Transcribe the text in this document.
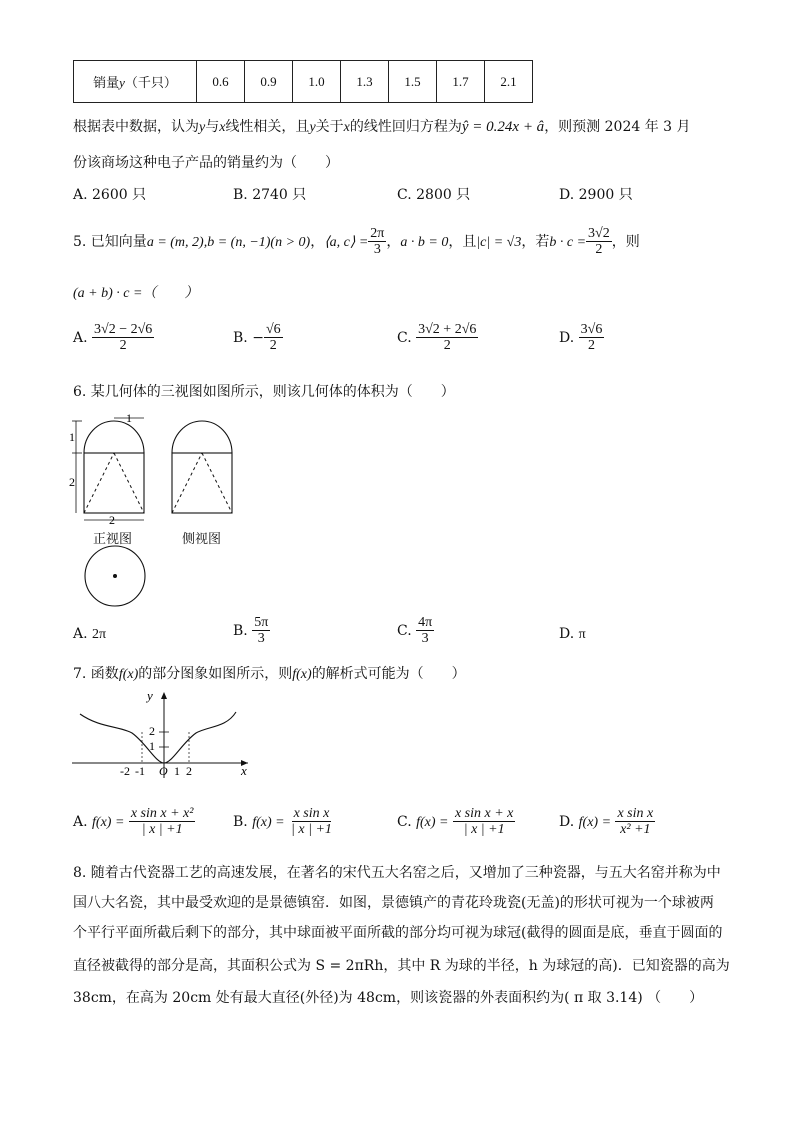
销量y（千只）	0.6	0.9	1.0	1.3	1.5	1.7	2.1
根据表中数据，认为y与x线性相关，且y关于x的线性回归方程为ŷ = 0.24x + â，则预测 2024 年 3 月
份该商场这种电子产品的销量约为（　　）
A. 2600 只	B. 2740 只	C. 2800 只	D. 2900 只
5. 已知向量a = (m, 2),b = (n, −1)(n > 0)，⟨a, c⟩ = $\frac{2\pi}{3}$ ，a · b = 0，且|c| = √3，若$b \cdot c = \frac{3√2}{2}$ ，则
(a + b) · c =（　　）
A. $\frac{3√2 - 2√6}{2}$	B. − $\frac{√6}{2}$	C. $\frac{3√2 + 2√6}{2}$	D. $\frac{3√6}{2}$
6. 某几何体的三视图如图所示，则该几何体的体积为（　　）
1
1
2
2
正视图	侧视图
A. 2π	B. $\frac{5\pi}{3}$	C. $\frac{4\pi}{3}$	D. π
7. 函数f(x)的部分图象如图所示，则f(x)的解析式可能为（　　）
y
x
O
2
1
-2 -1 1 2
A. $f(x) = \frac{\text{x sin x + x²}}{| x | +1}$	B. $f(x) = \frac{\text{x sin x}}{| x | +1}$	C. $f(x) = \frac{\text{x sin x + x}}{| x | +1}$	D. $f(x) = \frac{\text{x sin x}}{\text{x² +1}}$
8. 随着古代瓷器工艺的高速发展，在著名的宋代五大名窑之后，又增加了三种瓷器，与五大名窑并称为中
国八大名瓷，其中最受欢迎的是景德镇窑．如图，景德镇产的青花玲珑瓷(无盖)的形状可视为一个球被两
个平行平面所截后剩下的部分，其中球面被平面所截的部分均可视为球冠(截得的圆面是底，垂直于圆面的
直径被截得的部分是高，其面积公式为 S = 2πRh，其中 R 为球的半径，h 为球冠的高)．已知瓷器的高为
38cm，在高为 20cm 处有最大直径(外径)为 48cm，则该瓷器的外表面积约为( π 取 3.14) （　　）
